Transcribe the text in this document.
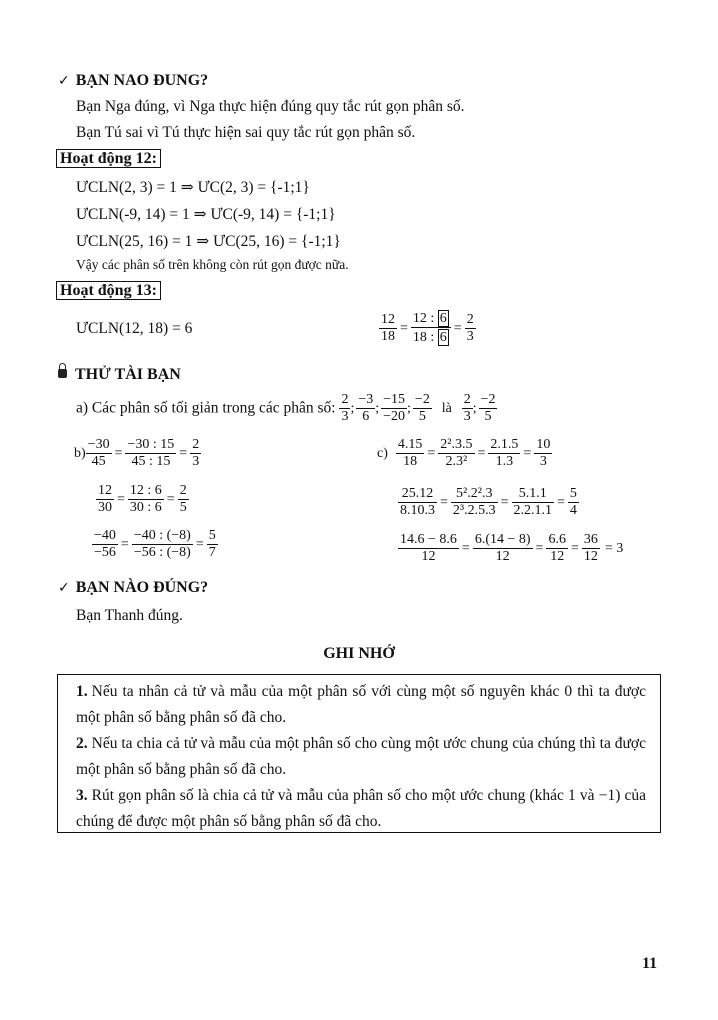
✓ BẠN NAO ĐUNG?
Bạn Nga đúng, vì Nga thực hiện đúng quy tắc rút gọn phân số.
Bạn Tú sai vì Tú thực hiện sai quy tắc rút gọn phân số.
Hoạt động 12:
ƯCLN(2, 3) = 1 ⇒ ƯC(2, 3) = {-1;1}
ƯCLN(-9, 14) = 1 ⇒ ƯC(-9, 14) = {-1;1}
ƯCLN(25, 16) = 1 ⇒ ƯC(25, 16) = {-1;1}
Vậy các phân số trên không còn rút gọn được nữa.
Hoạt động 13:
ƯCLN(12, 18) = 6	$\frac{12}{18} = \frac{12 : 6}{18 : 6} = \frac{2}{3}$
THỬ TÀI BẠN
a) Các phân số tối giản trong các phân số: $\frac{2}{3}$ ; $\frac{-3}{6}$ ; $\frac{-15}{-20}$ ; $\frac{-2}{5}$ là $\frac{2}{3}$ ; $\frac{-2}{5}$
$b) \frac{-30}{45} = \frac{-30 : 15}{45 : 15} = \frac{2}{3}$
$\frac{12}{30} = \frac{12 : 6}{30 : 6} = \frac{2}{5}$
$\frac{-40}{-56} = \frac{-40 : (-8)}{-56 : (-8)} = \frac{5}{7}$
$c) \frac{4.15}{18} = \frac{\text{2².3.5}}{\text{2.3²}} = \frac{2.1.5}{1.3} = \frac{10}{3}$
$\frac{25.12}{8.10.3} = \frac{\text{5².2².3}}{\text{2³.2.5.3}} = \frac{5.1.1}{2.2.1.1} = \frac{5}{4}$
$\frac{14.6 - 8.6}{12} = \frac{6.(14 - 8)}{12} = \frac{6.6}{12} = \frac{36}{12} = 3$
✓ BẠN NÀO ĐÚNG?
Bạn Thanh đúng.
GHI NHỚ
1. Nếu ta nhân cả tử và mẫu của một phân số với cùng một số nguyên khác 0 thì ta được một phân số bằng phân số đã cho.
2. Nếu ta chia cả tử và mẫu của một phân số cho cùng một ước chung của chúng thì ta được một phân số bằng phân số đã cho.
3. Rút gọn phân số là chia cả tử và mẫu của phân số cho một ước chung (khác 1 và −1) của chúng để được một phân số bằng phân số đã cho.
11
